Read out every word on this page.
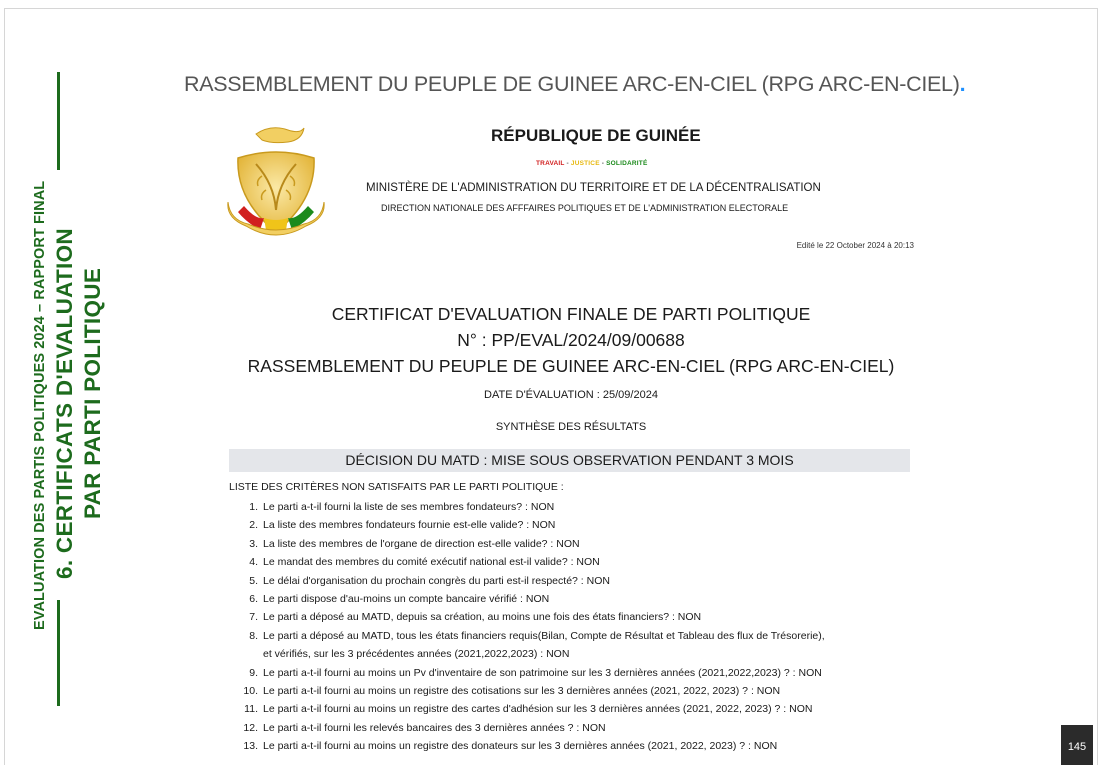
EVALUATION DES PARTIS POLITIQUES 2024 – RAPPORT FINAL 6. CERTIFICATS D'EVALUATION PAR PARTI POLITIQUE
RASSEMBLEMENT DU PEUPLE DE GUINEE ARC-EN-CIEL (RPG ARC-EN-CIEL).
RÉPUBLIQUE DE GUINÉE
TRAVAIL - JUSTICE - SOLIDARITÉ
MINISTÈRE DE L'ADMINISTRATION DU TERRITOIRE ET DE LA DÉCENTRALISATION
DIRECTION NATIONALE DES AFFFAIRES POLITIQUES ET DE L'ADMINISTRATION ELECTORALE
Edité le 22 October 2024 à 20:13
CERTIFICAT D'EVALUATION FINALE DE PARTI POLITIQUE
N° : PP/EVAL/2024/09/00688
RASSEMBLEMENT DU PEUPLE DE GUINEE ARC-EN-CIEL (RPG ARC-EN-CIEL)
DATE D'ÉVALUATION : 25/09/2024
SYNTHÈSE DES RÉSULTATS
DÉCISION DU MATD : MISE SOUS OBSERVATION PENDANT 3 MOIS
LISTE DES CRITÈRES NON SATISFAITS PAR LE PARTI POLITIQUE :
1. Le parti a-t-il fourni la liste de ses membres fondateurs? : NON
2. La liste des membres fondateurs fournie est-elle valide? : NON
3. La liste des membres de l'organe de direction est-elle valide? : NON
4. Le mandat des membres du comité exécutif national est-il valide? : NON
5. Le délai d'organisation du prochain congrès du parti est-il respecté? : NON
6. Le parti dispose d'au-moins un compte bancaire vérifié : NON
7. Le parti a déposé au MATD, depuis sa création, au moins une fois des états financiers? : NON
8. Le parti a déposé au MATD, tous les états financiers requis(Bilan, Compte de Résultat et Tableau des flux de Trésorerie),
et vérifiés, sur les 3 précédentes années (2021,2022,2023) : NON
9. Le parti a-t-il fourni au moins un Pv d'inventaire de son patrimoine sur les 3 dernières années (2021,2022,2023) ? : NON
10. Le parti a-t-il fourni au moins un registre des cotisations sur les 3 dernières années (2021, 2022, 2023) ? : NON
11. Le parti a-t-il fourni au moins un registre des cartes d'adhésion sur les 3 dernières années (2021, 2022, 2023) ? : NON
12. Le parti a-t-il fourni les relevés bancaires des 3 dernières années ? : NON
13. Le parti a-t-il fourni au moins un registre des donateurs sur les 3 dernières années (2021, 2022, 2023) ? : NON	145
